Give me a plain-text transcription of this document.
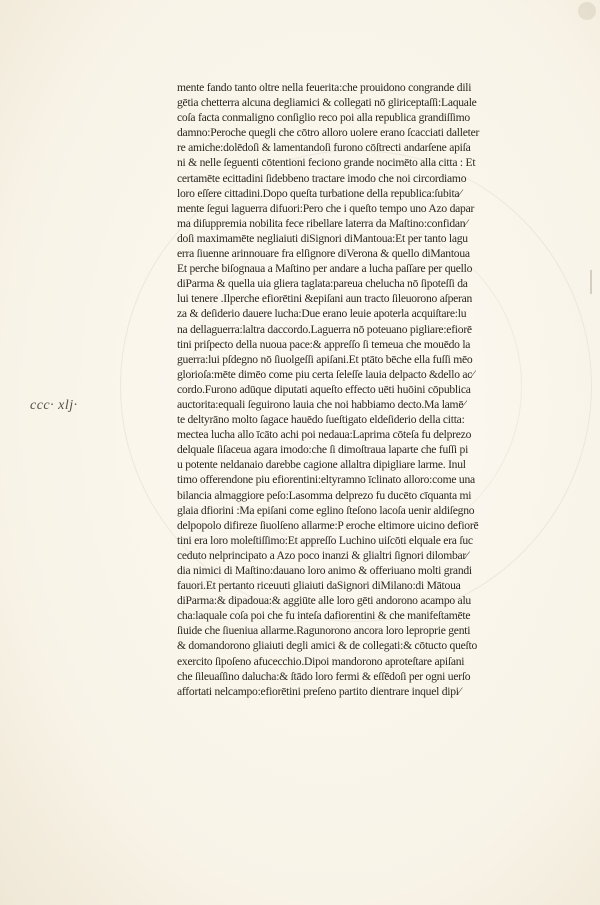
ccc· xlj·
mente fando tanto oltre nella feuerita:che prouidono congrande dili
gētia chetterra alcuna degliamici & collegati nō gliriceptaſſi:Laquale
coſa facta conmaligno conſiglio reco poi alla republica grandiſſimo
damno:Peroche quegli che cōtro alloro uolere erano ſcacciati dalleter
re amiche:dolēdoſi & lamentandoſi furono cōſtrecti andarſene apiſa
ni & nelle ſeguenti cōtentioni feciono grande nocimēto alla citta : Et
certamēte ecittadini ſidebbeno tractare imodo che noi circordiamo
loro eſſere cittadini.Dopo queſta turbatione della republica:ſubita⁄
mente ſegui laguerra difuori:Pero che i queſto tempo uno Azo dapar
ma diſuppremia nobilita fece ribellare laterra da Maſtino:confidan⁄
doſi maximamēte negliaiuti diSignori diMantoua:Et per tanto lagu
erra ſiuenne arinnouare fra elſignore diVerona & quello diMantoua
Et perche biſognaua a Maſtino per andare a lucha paſſare per quello
diParma & quella uia gliera taglata:pareua chelucha nō ſipoteſſi da
lui tenere .Ilperche efiorētini &epiſani aun tracto ſileuorono aſperan
za & deſiderio dauere lucha:Due erano leuie apoterla acquiſtare:lu
na dellaguerra:laltra daccordo.Laguerra nō poteuano pigliare:efiorē
tini priſpecto della nuoua pace:& appreſſo ſi temeua che mouēdo la
guerra:lui pſdegno nō ſiuolgeſſi apiſani.Et ptāto bēche ella fuſſi mēo
glorioſa:mēte dimēo come piu certa ſeleſſe lauia delpacto &dello ac⁄
cordo.Furono adūque diputati aqueſto effecto uēti huōini cōpublica
auctorita:equali ſeguirono lauia che noi habbiamo decto.Ma lamē⁄
te deltyrāno molto ſagace hauēdo ſueſtigato eldeſiderio della citta:
mectea lucha allo īcāto achi poi nedaua:Laprima cōteſa fu delprezo
delquale ſiſaceua agara imodo:che ſi dimoſtraua laparte che fuſſi pi
u potente neldanaio darebbe cagione allaltra dipigliare larme. Inul
timo offerendone piu efiorentini:eltyramno īclinato alloro:come una
bilancia almaggiore peſo:Lasomma delprezo fu ducēto cīquanta mi
glaia dfiorini :Ma epiſani come eglino ſteſono lacoſa uenir aldiſegno
delpopolo difireze ſiuolſeno allarme:P eroche eltimore uicino defiorē
tini era loro moleſtiſſimo:Et appreſſo Luchino uiſcōti elquale era ſuc
ceduto nelprincipato a Azo poco inanzi & glialtri ſignori dilombar⁄
dia nimici di Maſtino:dauano loro animo & offeriuano molti grandi
fauori.Et pertanto riceuuti gliaiuti daSignori diMilano:di Mātoua
diParma:& dipadoua:& aggiūte alle loro gēti andorono acampo alu
cha:laquale coſa poi che fu inteſa dafiorentini & che manifeſtamēte
ſiuide che ſiueniua allarme.Ragunorono ancora loro leproprie genti
& domandorono gliaiuti degli amici & de collegati:& cōtucto queſto
exercito ſipoſeno afucecchio.Dipoi mandorono aproteſtare apiſani
che ſileuaſſino dalucha:& ſtādo loro fermi & eſſēdoſi per ogni uerſo
affortati nelcampo:efiorētini preſeno partito dientrare inquel dipi⁄
